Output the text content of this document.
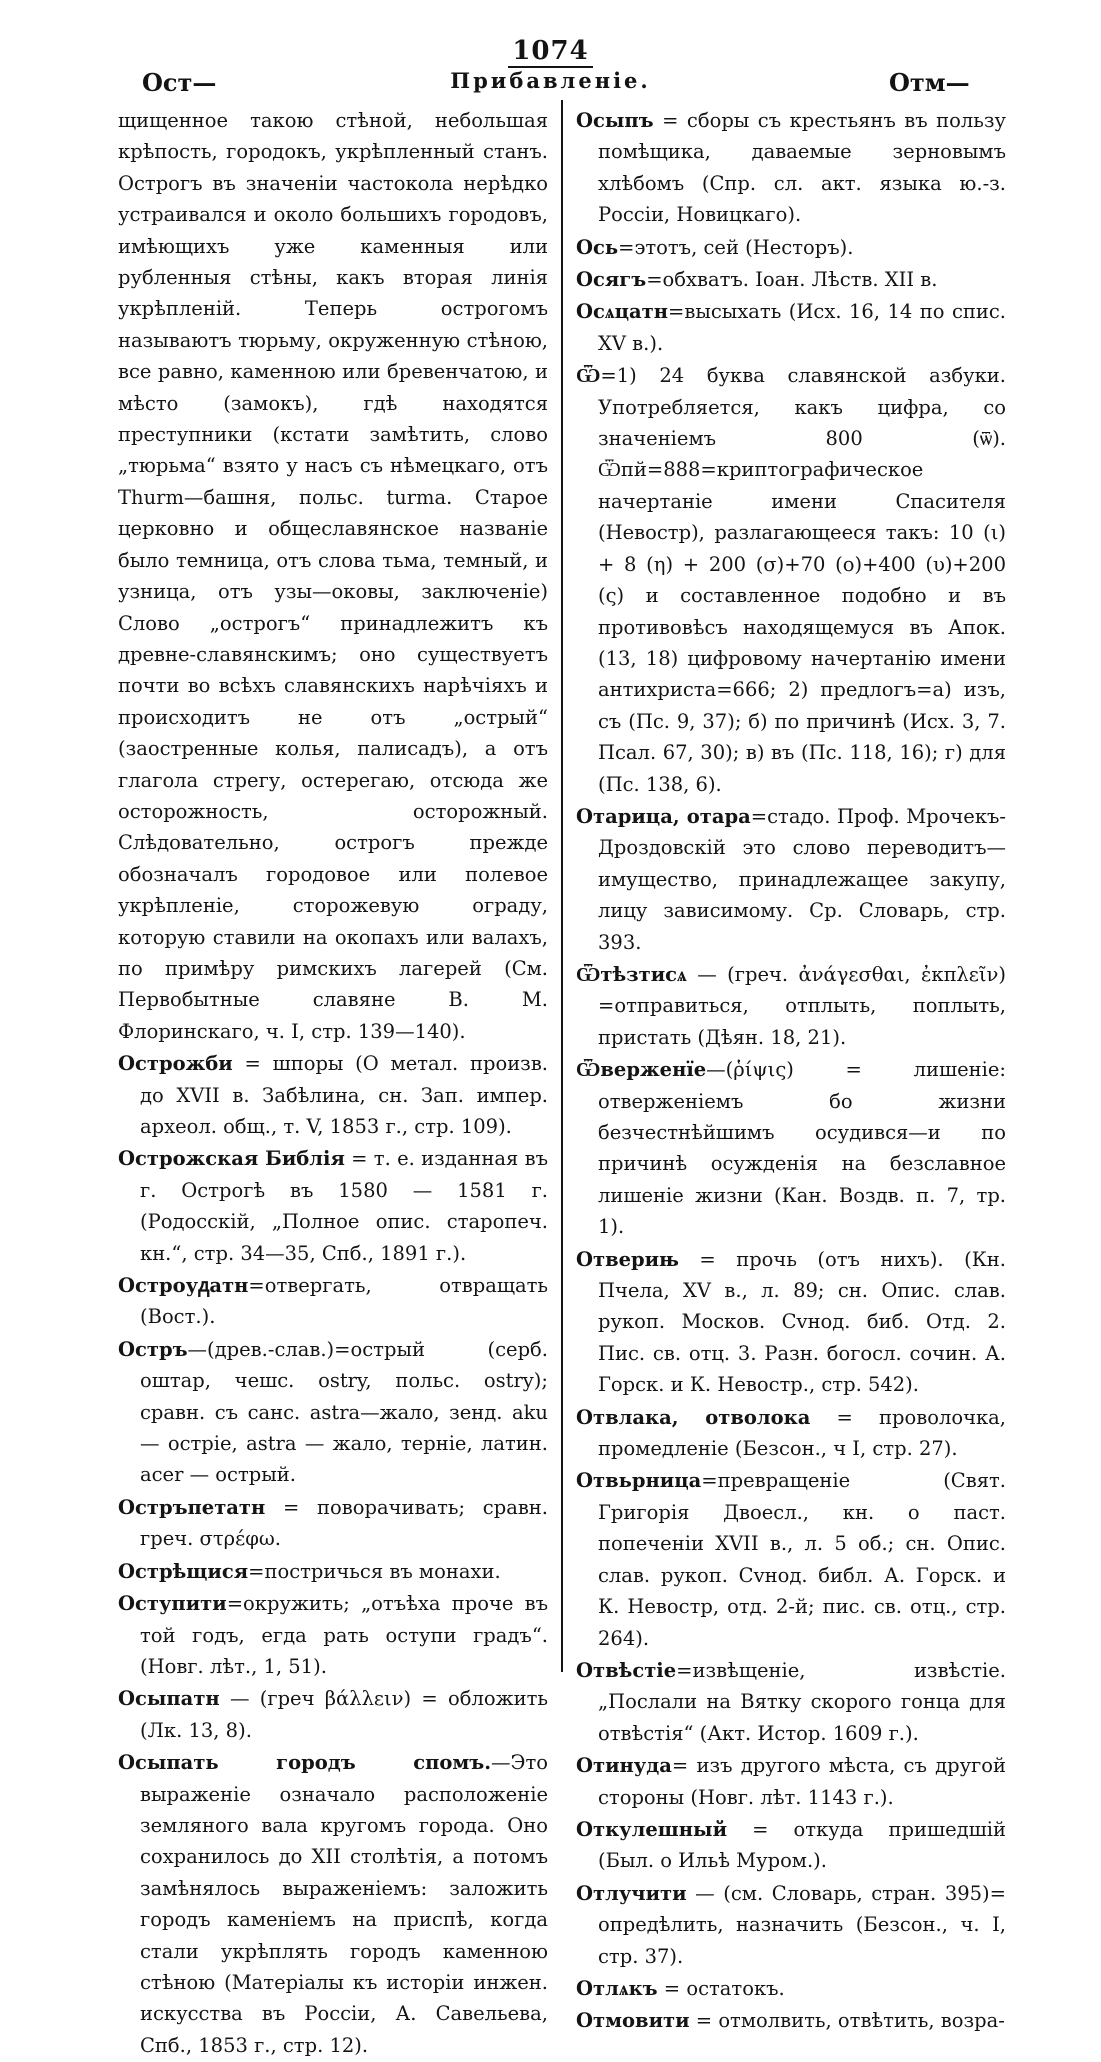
1074
Ост—	Прибавленіе.	Отм—
щищенное такою стѣной, небольшая крѣпость, городокъ, укрѣпленный станъ. Острогъ въ значеніи частокола нерѣдко устраивался и около большихъ городовъ, имѣющихъ уже каменныя или рубленныя стѣны, какъ вторая линія укрѣпленій. Теперь острогомъ называютъ тюрьму, окруженную стѣною, все равно, каменною или бревенчатою, и мѣсто (замокъ), гдѣ находятся преступники (кстати замѣтить, слово „тюрьма“ взято у насъ съ нѣмецкаго, отъ Thurm—башня, польс. turma. Старое церковно и общеславянское названіе было темница, отъ слова тьма, темный, и узница, отъ узы—оковы, заключеніе) Слово „острогъ“ принадлежитъ къ древне-славянскимъ; оно существуетъ почти во всѣхъ славянскихъ нарѣчіяхъ и происходитъ не отъ „острый“ (заостренные колья, палисадъ), а отъ глагола стрегу, остерегаю, отсюда же осторожность, осторожный. Слѣдовательно, острогъ прежде обозначалъ городовое или полевое укрѣпленіе, сторожевую ограду, которую ставили на окопахъ или валахъ, по примѣру римскихъ лагерей (См. Первобытные славяне В. М. Флоринскаго, ч. I, стр. 139—140).
Острожби = шпоры (О метал. произв. до XVII в. Забѣлина, сн. Зап. импер. археол. общ., т. V, 1853 г., стр. 109).
Острожская Библія = т. е. изданная въ г. Острогѣ въ 1580 — 1581 г. (Родосскій, „Полное опис. старопеч. кн.“, стр. 34—35, Спб., 1891 г.).
Остроуᲁатн=отвергать, отвращать (Вост.).
Остръ—(древ.-слав.)=острый (серб. оштар, чешс. ostry, польс. ostry); сравн. съ санс. astra—жало, зенд. aku — остріе, astra — жало, терніе, латин. acer — острый.
Остръпетатн = поворачивать; сравн. греч. στρέφω.
Острѣщися=постричься въ монахи.
Оступити=окружить; „отъѣха проче въ той годъ, егда рать оступи градъ“. (Новг. лѣт., 1, 51).
Осыпатн — (греч βάλλειν) = обложить (Лк. 13, 8).
Осыпать городъ спомъ.—Это выраженіе означало расположеніе земляного вала кругомъ города. Оно сохранилось до XII столѣтія, а потомъ замѣнялось выраженіемъ: заложить городъ каменіемъ на приспѣ, когда стали укрѣплять городъ каменною стѣною (Матеріалы къ исторіи инжен. искусства въ Россіи, А. Савельева, Спб., 1853 г., стр. 12).
Осыпъ = сборы съ крестьянъ въ пользу помѣщика, даваемые зерновымъ хлѣбомъ (Спр. сл. акт. языка ю.-з. Россіи, Новицкаго).
Ось=этотъ, сей (Несторъ).
Осягъ=обхватъ. Іоан. Лѣств. XII в.
Осѧцатн=высыхать (Исх. 16, 14 по спис. XV в.).
Ѿ=1) 24 буква славянской азбуки. Употребляется, какъ цифра, со значеніемъ 800 (ѿ). Ѿпй=888=криптографическое начертаніе имени Спасителя (Невостр), разлагающееся такъ: 10 (ι) + 8 (η) + 200 (σ)+70 (ο)+400 (υ)+200 (ς) и составленное подобно и въ противовѣсъ находящемуся въ Апок. (13, 18) цифровому начертанію имени антихриста=666; 2) предлогъ=а) изъ, съ (Пс. 9, 37); б) по причинѣ (Исх. 3, 7. Псал. 67, 30); в) въ (Пс. 118, 16); г) для (Пс. 138, 6).
Отарица, отара=стадо. Проф. Мрочекъ-Дроздовскій это слово переводитъ—имущество, принадлежащее закупу, лицу зависимому. Ср. Словарь, стр. 393.
Ѿтѣзтисѧ — (греч. ἀνάγεσθαι, ἐκπλεῖν) =отправиться, отплыть, поплыть, пристать (Дѣян. 18, 21).
Ѿверженїе—(ῥίψις) = лишеніе: отверженіемъ бо жизни безчестнѣйшимъ осудився—и по причинѣ осужденія на безславное лишеніе жизни (Кан. Воздв. п. 7, тр. 1).
Отверињ = прочь (отъ нихъ). (Кн. Пчела, XV в., л. 89; сн. Опис. слав. рукоп. Москов. Сvнод. биб. Отд. 2. Пис. св. отц. 3. Разн. богосл. сочин. А. Горск. и К. Невостр., стр. 542).
Отвлака, отволока = проволочка, промедленіе (Безсон., ч I, стр. 27).
Отвьрница=превращеніе (Свят. Григорія Двоесл., кн. о паст. попеченіи XVII в., л. 5 об.; сн. Опис. слав. рукоп. Сvнод. библ. А. Горск. и К. Невостр, отд. 2-й; пис. св. отц., стр. 264).
Отвѣстіе=извѣщеніе, извѣстіе. „Послали на Вятку скорого гонца для отвѣстія“ (Акт. Истор. 1609 г.).
Отинуда= изъ другого мѣста, съ другой стороны (Новг. лѣт. 1143 г.).
Откулешный = откуда пришедшій (Был. о Ильѣ Муром.).
Отлучити — (см. Словарь, стран. 395)= опредѣлить, назначить (Безсон., ч. I, стр. 37).
Отлѧкъ = остатокъ.
Отмовити = отмолвить, отвѣтить, возра-
